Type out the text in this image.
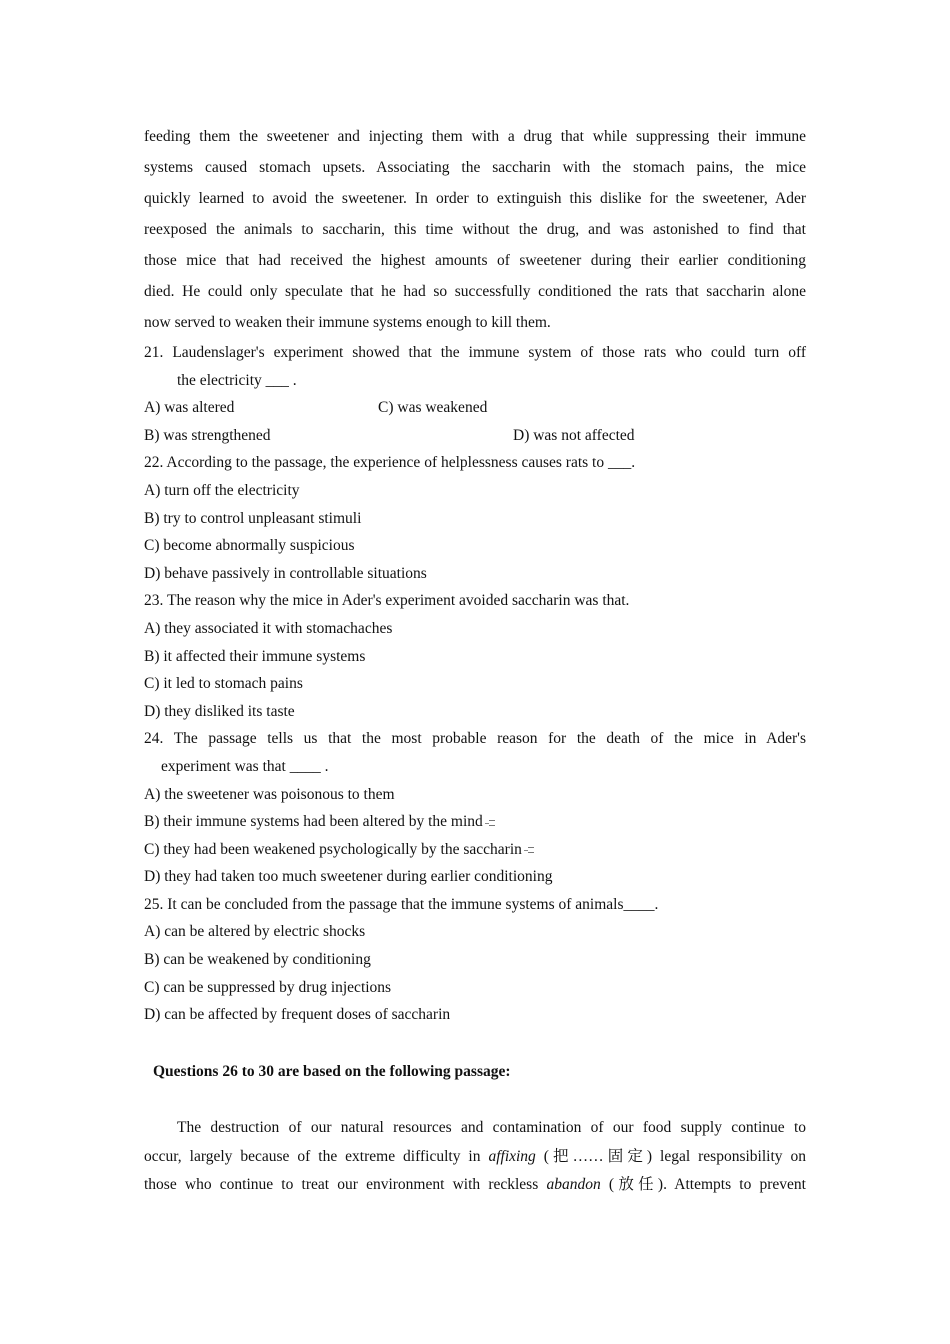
feeding them the sweetener and injecting them with a drug that while suppressing their immune
systems caused stomach upsets. Associating the saccharin with the stomach pains, the mice
quickly learned to avoid the sweetener. In order to extinguish this dislike for the sweetener, Ader
reexposed the animals to saccharin, this time without the drug, and was astonished to find that
those mice that had received the highest amounts of sweetener during their earlier conditioning
died. He could only speculate that he had so successfully conditioned the rats that saccharin alone
now served to weaken their immune systems enough to kill them.
21. Laudenslager's experiment showed that the immune system of those rats who could turn off
the electricity ___ .
A) was altered	C) was weakened
B) was strengthened	D) was not affected
22. According to the passage, the experience of helplessness causes rats to ___.
A) turn off the electricity
B) try to control unpleasant stimuli
C) become abnormally suspicious
D) behave passively in controllable situations
23. The reason why the mice in Ader's experiment avoided saccharin was that.
A) they associated it with stomachaches
B) it affected their immune systems
C) it led to stomach pains
D) they disliked its taste
24. The passage tells us that the most probable reason for the death of the mice in Ader's
experiment was that ____ .
A) the sweetener was poisonous to them
B) their immune systems had been altered by the mind
C) they had been weakened psychologically by the saccharin
D) they had taken too much sweetener during earlier conditioning
25. It can be concluded from the passage that the immune systems of animals____.
A) can be altered by electric shocks
B) can be weakened by conditioning
C) can be suppressed by drug injections
D) can be affected by frequent doses of saccharin
Questions 26 to 30 are based on the following passage:
The destruction of our natural resources and contamination of our food supply continue to
occur, largely because of the extreme difficulty in affixing (把……固定) legal responsibility on
those who continue to treat our environment with reckless abandon (放任). Attempts to prevent
